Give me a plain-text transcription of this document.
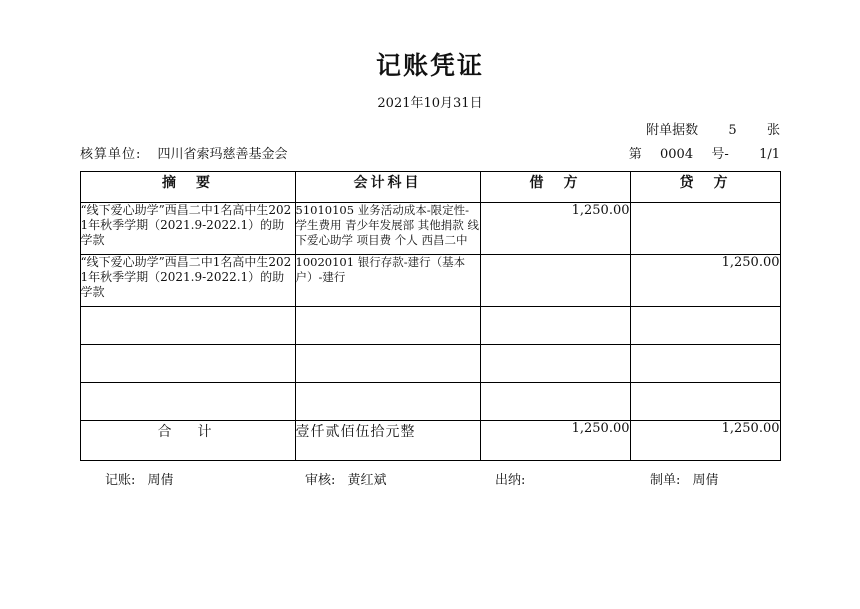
记账凭证
2021年10月31日
附单据数 5 张
核算单位: 四川省索玛慈善基金会	第 0004 号- 1/1
摘　要	会计科目	借　方	贷　方
“线下爱心助学”西昌二中1名高中生2021年秋季学期（2021.9-2022.1）的助学款	51010105 业务活动成本-限定性-学生费用 青少年发展部 其他捐款 线下爱心助学 项目费 个人 西昌二中	1,250.00	
“线下爱心助学”西昌二中1名高中生2021年秋季学期（2021.9-2022.1）的助学款	10020101 银行存款-建行（基本户）-建行		1,250.00

合　计	壹仟贰佰伍拾元整	1,250.00	1,250.00
记账: 周倩	审核: 黄红斌	出纳:	制单: 周倩
